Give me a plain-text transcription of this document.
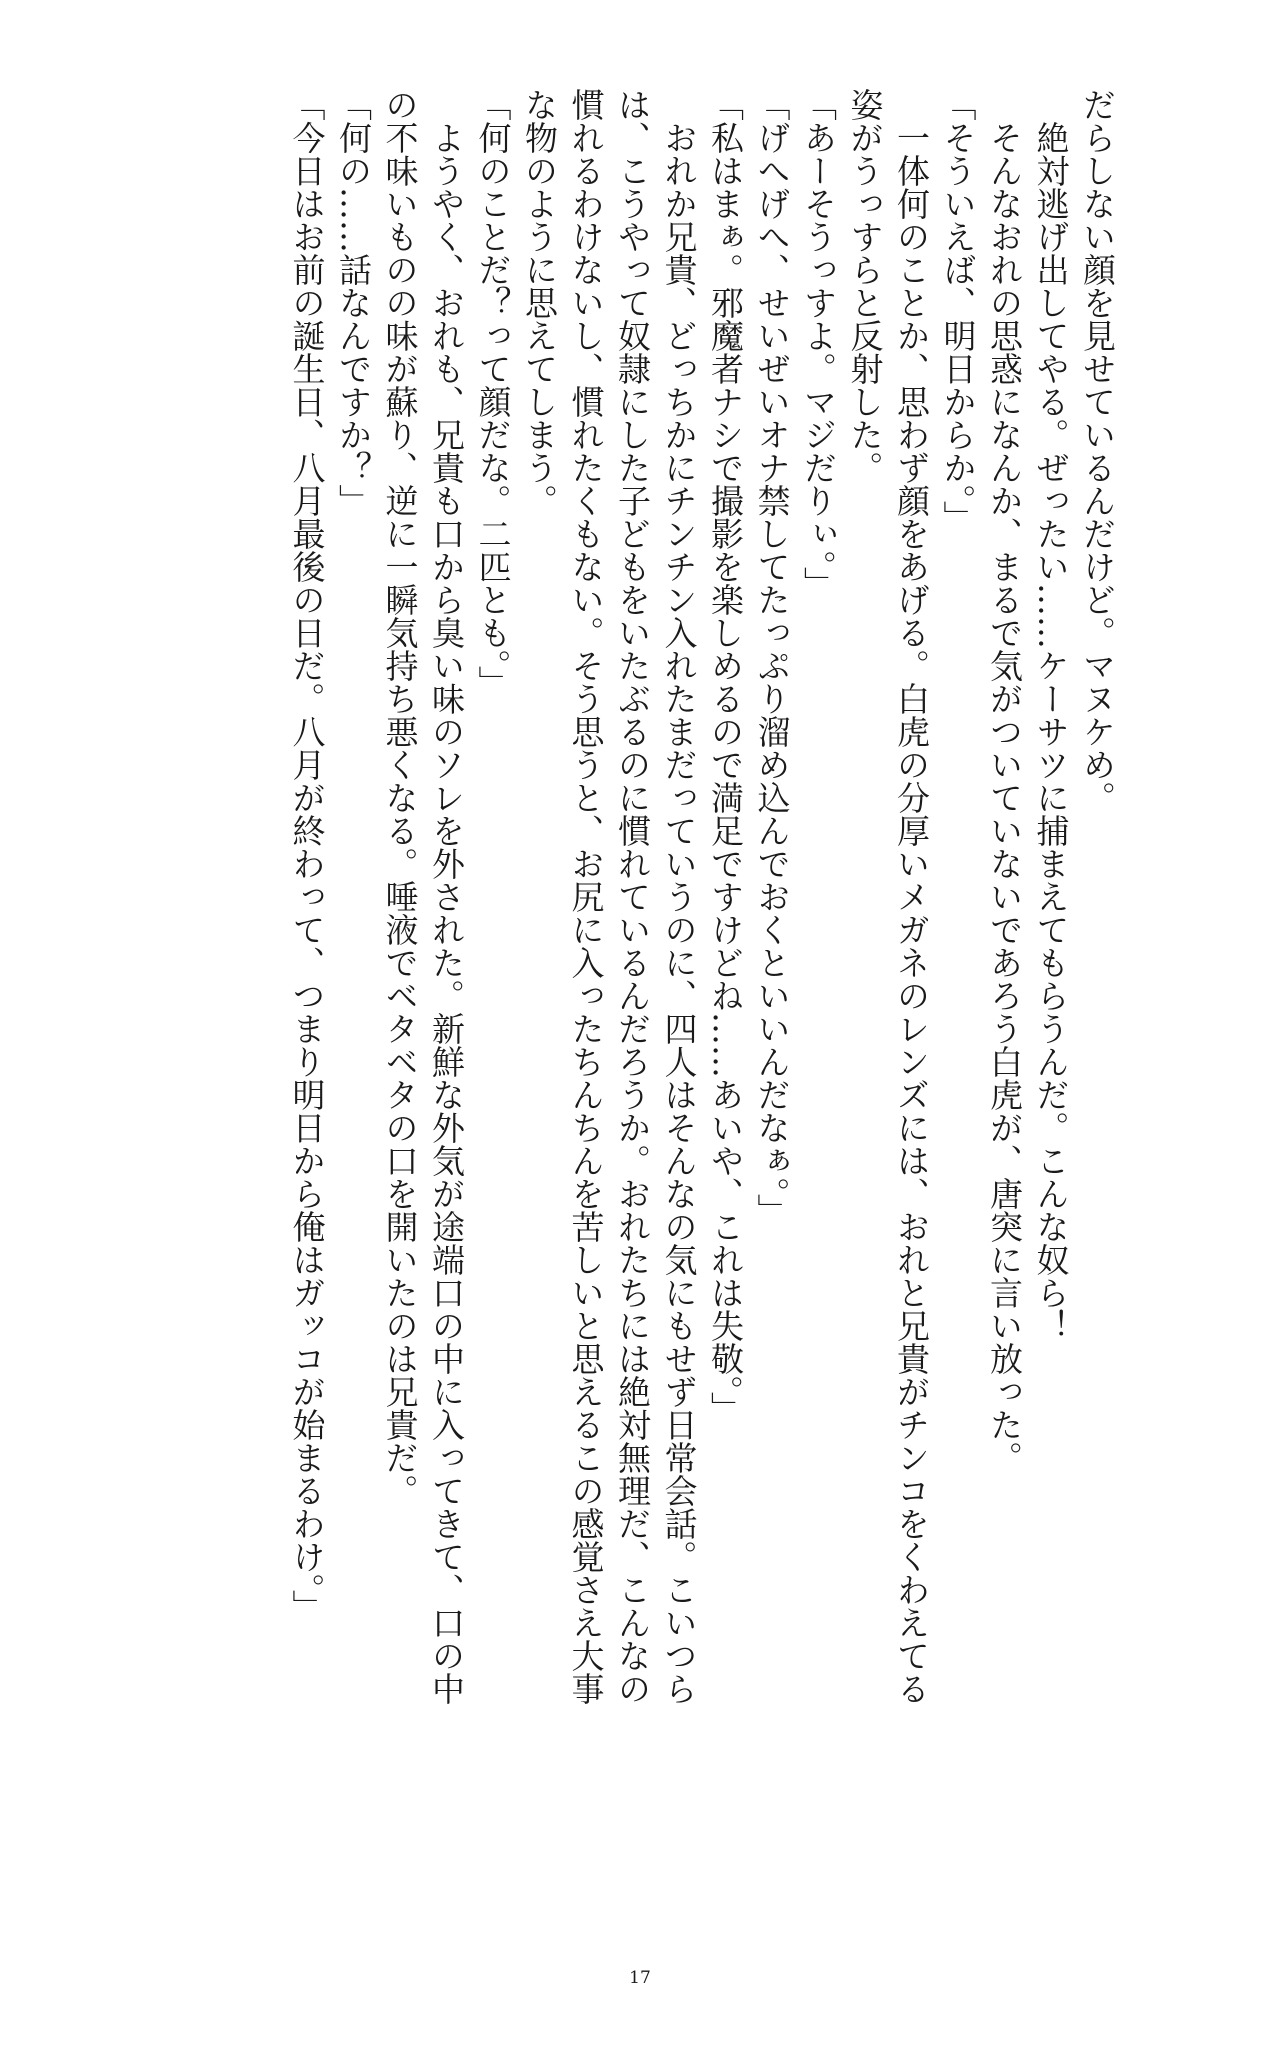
だらしない顔を見せているんだけど。マヌケめ。

　絶対逃げ出してやる。ぜったい……ケーサツに捕まえてもらうんだ。こんな奴ら！

　そんなおれの思惑になんか、まるで気がついていないであろう白虎が、唐突に言い放った。

「そういえば、明日からか。」

　一体何のことか、思わず顔をあげる。白虎の分厚いメガネのレンズには、おれと兄貴がチンコをくわえてる姿がうっすらと反射した。

「あーそうっすよ。マジだりぃ。」

「げへげへ、せいぜいオナ禁してたっぷり溜め込んでおくといいんだなぁ。」

「私はまぁ。邪魔者ナシで撮影を楽しめるので満足ですけどね……あいや、これは失敬。」

　おれか兄貴、どっちかにチンチン入れたまだっていうのに、四人はそんなの気にもせず日常会話。こいつらは、こうやって奴隷にした子どもをいたぶるのに慣れているんだろうか。おれたちには絶対無理だ、こんなの慣れるわけないし、慣れたくもない。そう思うと、お尻に入ったちんちんを苦しいと思えるこの感覚さえ大事な物のように思えてしまう。

「何のことだ？って顔だな。二匹とも。」

　ようやく、おれも、兄貴も口から臭い味のソレを外された。新鮮な外気が途端口の中に入ってきて、口の中の不味いものの味が蘇り、逆に一瞬気持ち悪くなる。唾液でベタベタの口を開いたのは兄貴だ。

「何の……話なんですか？」

「今日はお前の誕生日、八月最後の日だ。八月が終わって、つまり明日から俺はガッコが始まるわけ。」

17
